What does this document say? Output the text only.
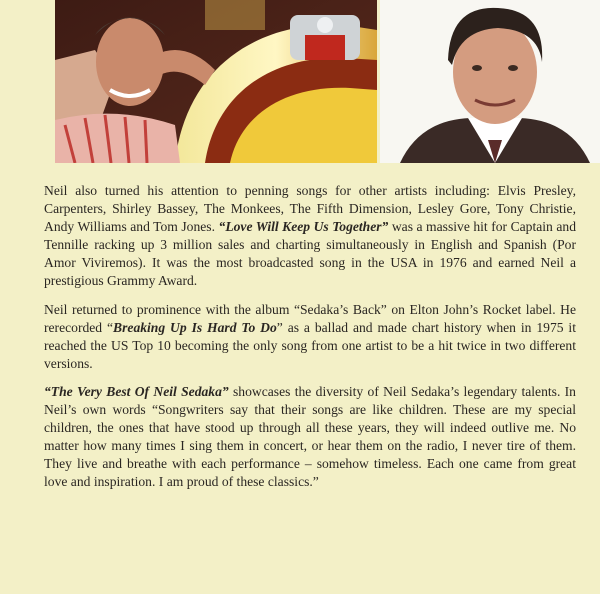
Neil also turned his attention to penning songs for other artists including: Elvis Presley, Carpenters, Shirley Bassey, The Monkees, The Fifth Dimension, Lesley Gore, Tony Christie, Andy Williams and Tom Jones. “Love Will Keep Us Together” was a massive hit for Captain and Tennille racking up 3 million sales and charting simultaneously in English and Spanish (Por Amor Viviremos). It was the most broadcasted song in the USA in 1976 and earned Neil a prestigious Grammy Award.

Neil returned to prominence with the album “Sedaka’s Back” on Elton John’s Rocket label. He rerecorded “Breaking Up Is Hard To Do” as a ballad and made chart history when in 1975 it reached the US Top 10 becoming the only song from one artist to be a hit twice in two different versions.

“The Very Best Of Neil Sedaka” showcases the diversity of Neil Sedaka’s legendary talents. In Neil’s own words “Songwriters say that their songs are like children. These are my special children, the ones that have stood up through all these years, they will indeed outlive me. No matter how many times I sing them in concert, or hear them on the radio, I never tire of them. They live and breathe with each performance – somehow timeless. Each one came from great love and inspiration. I am proud of these classics.”
